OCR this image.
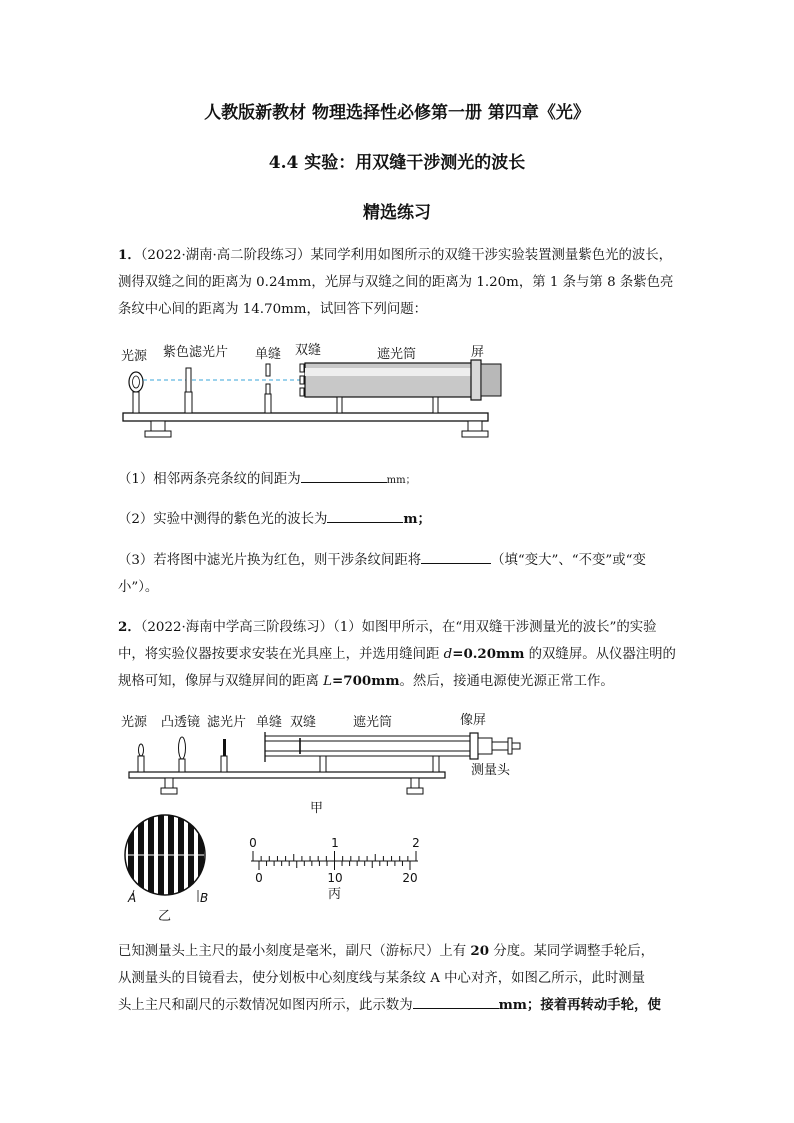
人教版新教材 物理选择性必修第一册 第四章《光》
4.4 实验：用双缝干涉测光的波长
精选练习
1．（2022·湖南·高二阶段练习）某同学利用如图所示的双缝干涉实验装置测量紫色光的波长，
测得双缝之间的距离为 0.24mm，光屏与双缝之间的距离为 1.20m，第 1 条与第 8 条紫色亮
条纹中心间的距离为 14.70mm，试回答下列问题：
光源 紫色滤光片 单缝 双缝	遮光筒	屏
（1）相邻两条亮条纹的间距为	mm；
（2）实验中测得的紫色光的波长为	m；
（3）若将图中滤光片换为红色，则干涉条纹间距将	（填“变大”、“不变”或“变
小”）。
2．（2022·海南中学高三阶段练习）（1）如图甲所示，在“用双缝干涉测量光的波长”的实验
中，将实验仪器按要求安装在光具座上，并选用缝间距 d=0.20mm 的双缝屏。从仪器注明的
规格可知，像屏与双缝屏间的距离 L=700mm。然后，接通电源使光源正常工作。
光源 凸透镜 滤光片 单缝 双缝	遮光筒	像屏
测量头
甲
A	B
乙
0	1	2
0	10	20
丙
已知测量头上主尺的最小刻度是毫米，副尺（游标尺）上有 20 分度。某同学调整手轮后，
从测量头的目镜看去，使分划板中心刻度线与某条纹 A 中心对齐，如图乙所示，此时测量
头上主尺和副尺的示数情况如图丙所示，此示数为	mm；接着再转动手轮，使
